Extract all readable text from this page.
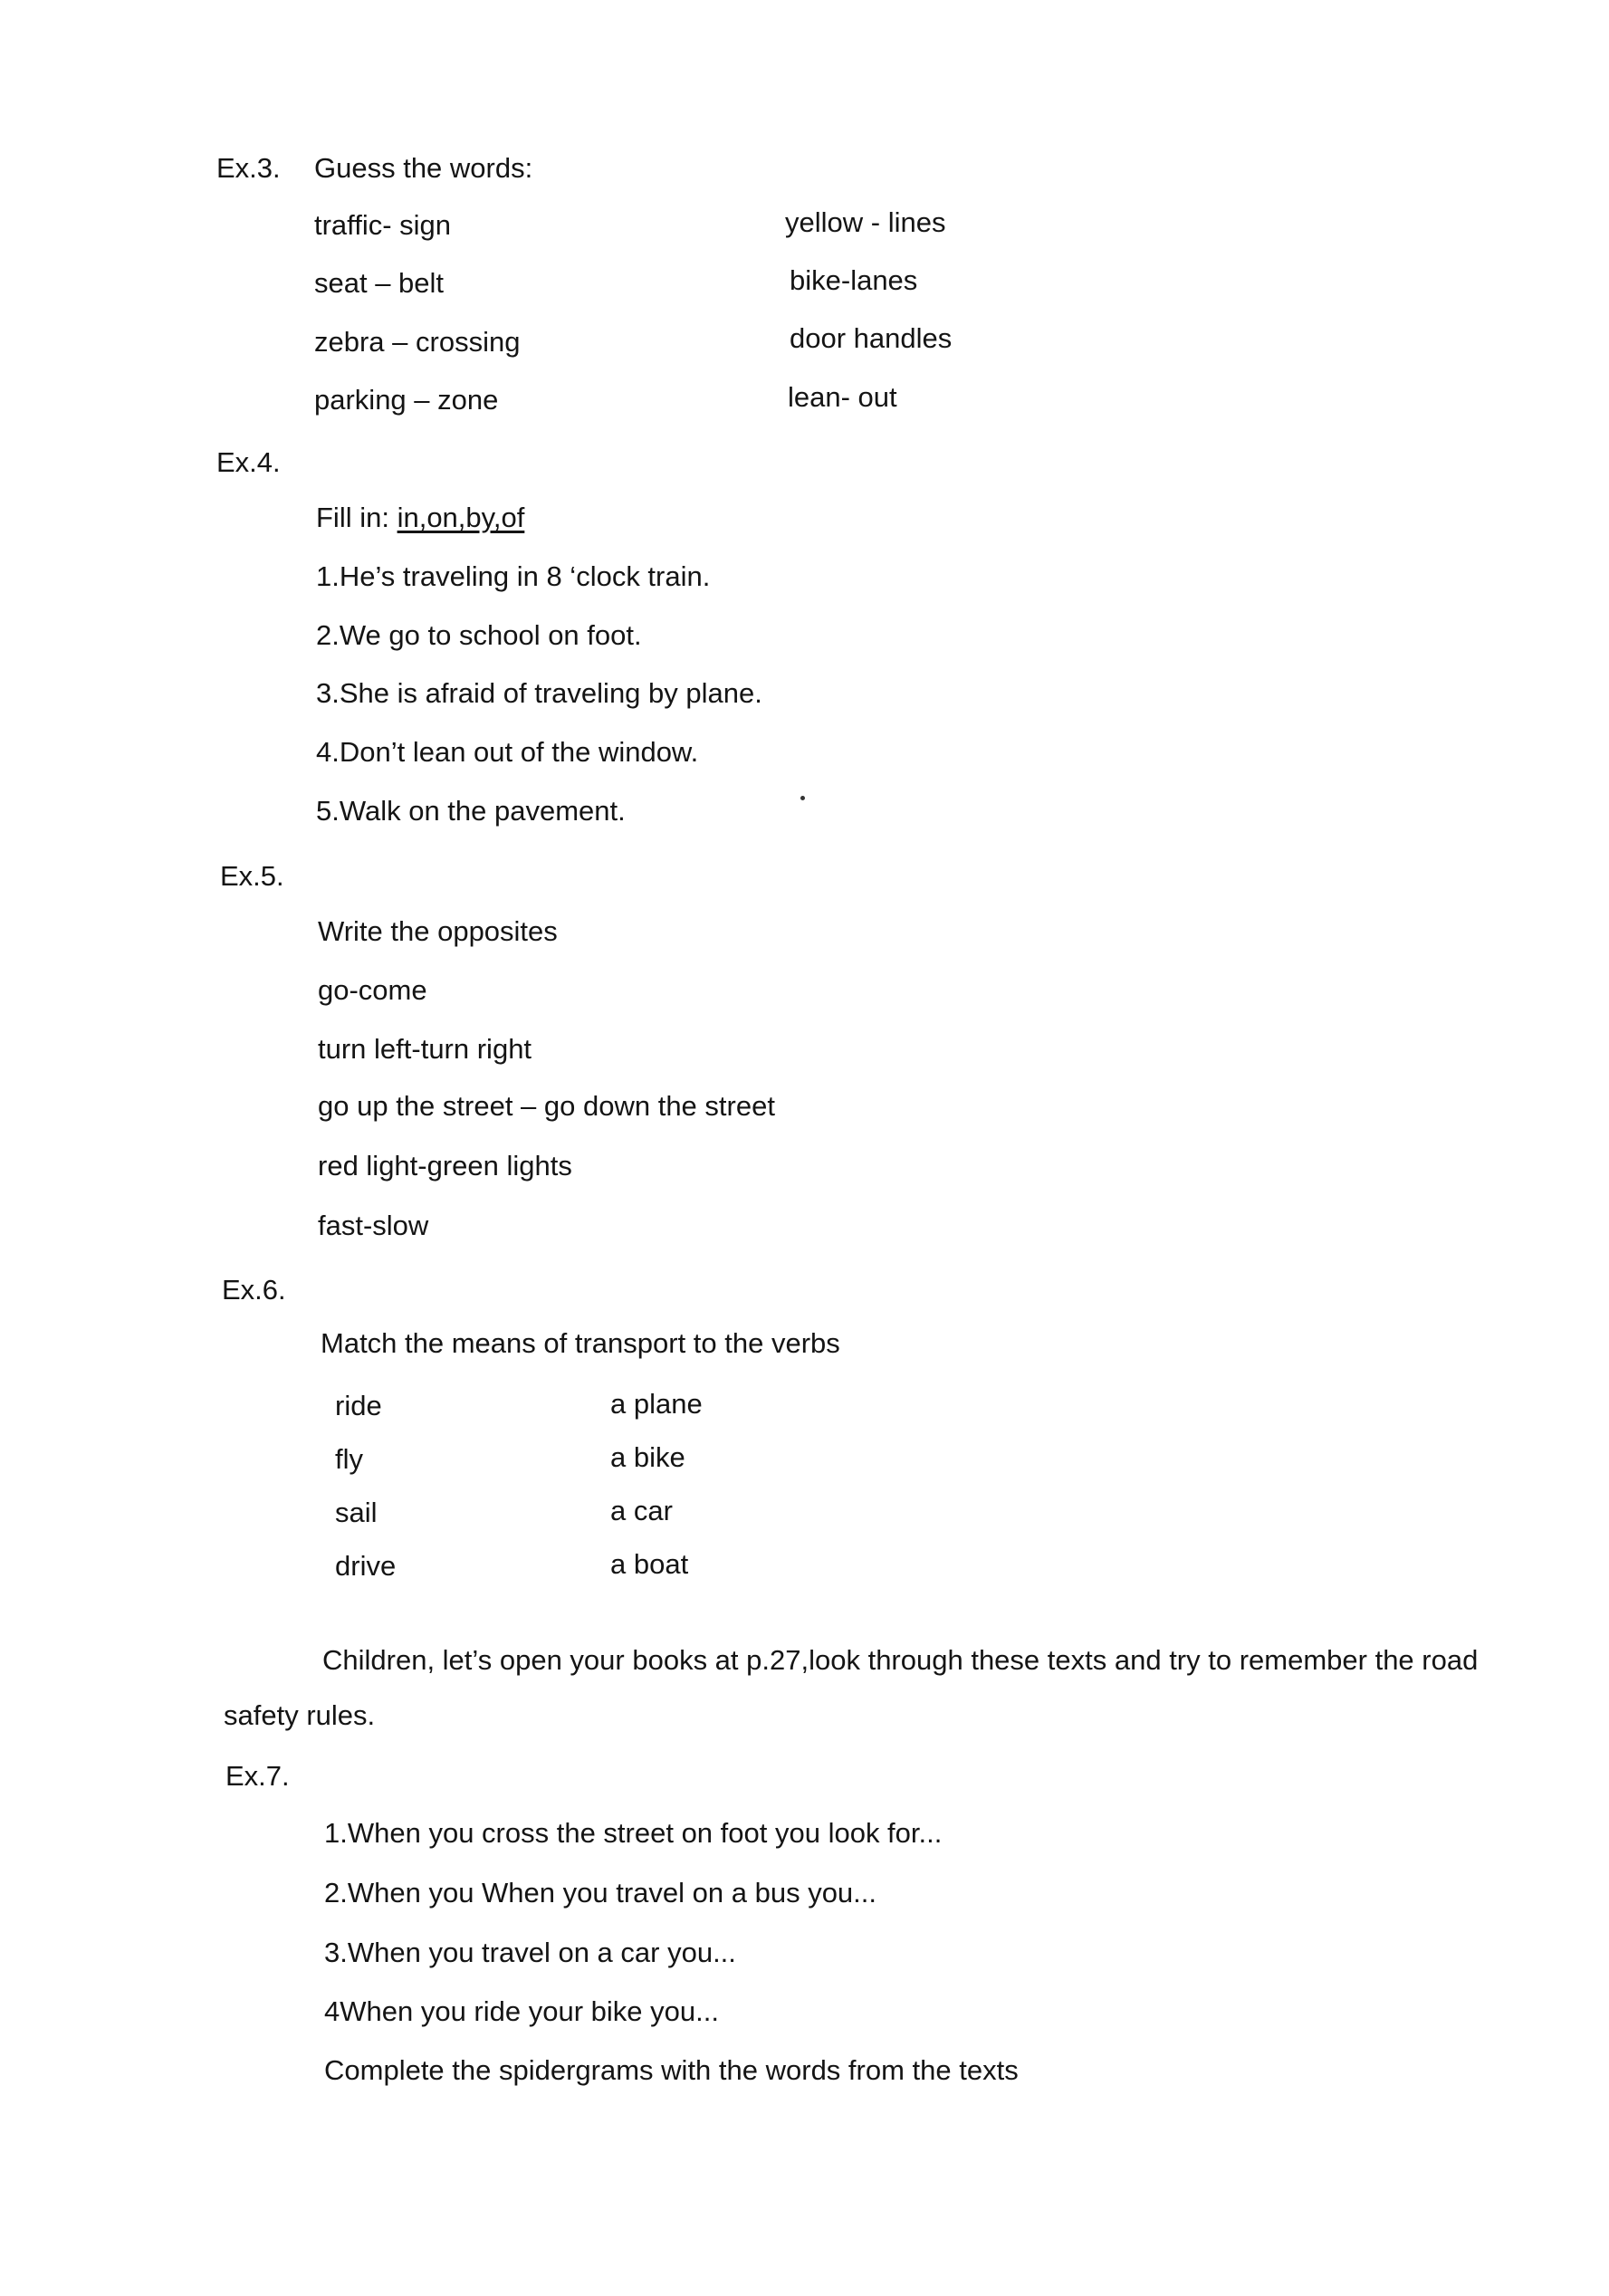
Ex.3. Guess the words:

traffic- sign

seat – belt

zebra – crossing

parking – zone

yellow - lines

bike-lanes

door handles

lean- out

Ex.4.

Fill in: in,on,by,of

1.He’s traveling in 8 ‘clock train.

2.We go to school on foot.

3.She is afraid of traveling by plane.

4.Don’t lean out of the window.

5.Walk on the pavement.

Ex.5.

Write the opposites

go-come

turn left-turn right

go up the street – go down the street

red light-green lights

fast-slow

Ex.6.

Match the means of transport to the verbs

ride

fly

sail

drive

a plane

a bike

a car

a boat

Children, let’s open your books at p.27,look through these texts and try to remember the road

safety rules.

Ex.7.

1.When you cross the street on foot you look for...

2.When you When you travel on a bus you...

3.When you travel on a car you...

4When you ride your bike you...

Complete the spidergrams with the words from the texts
